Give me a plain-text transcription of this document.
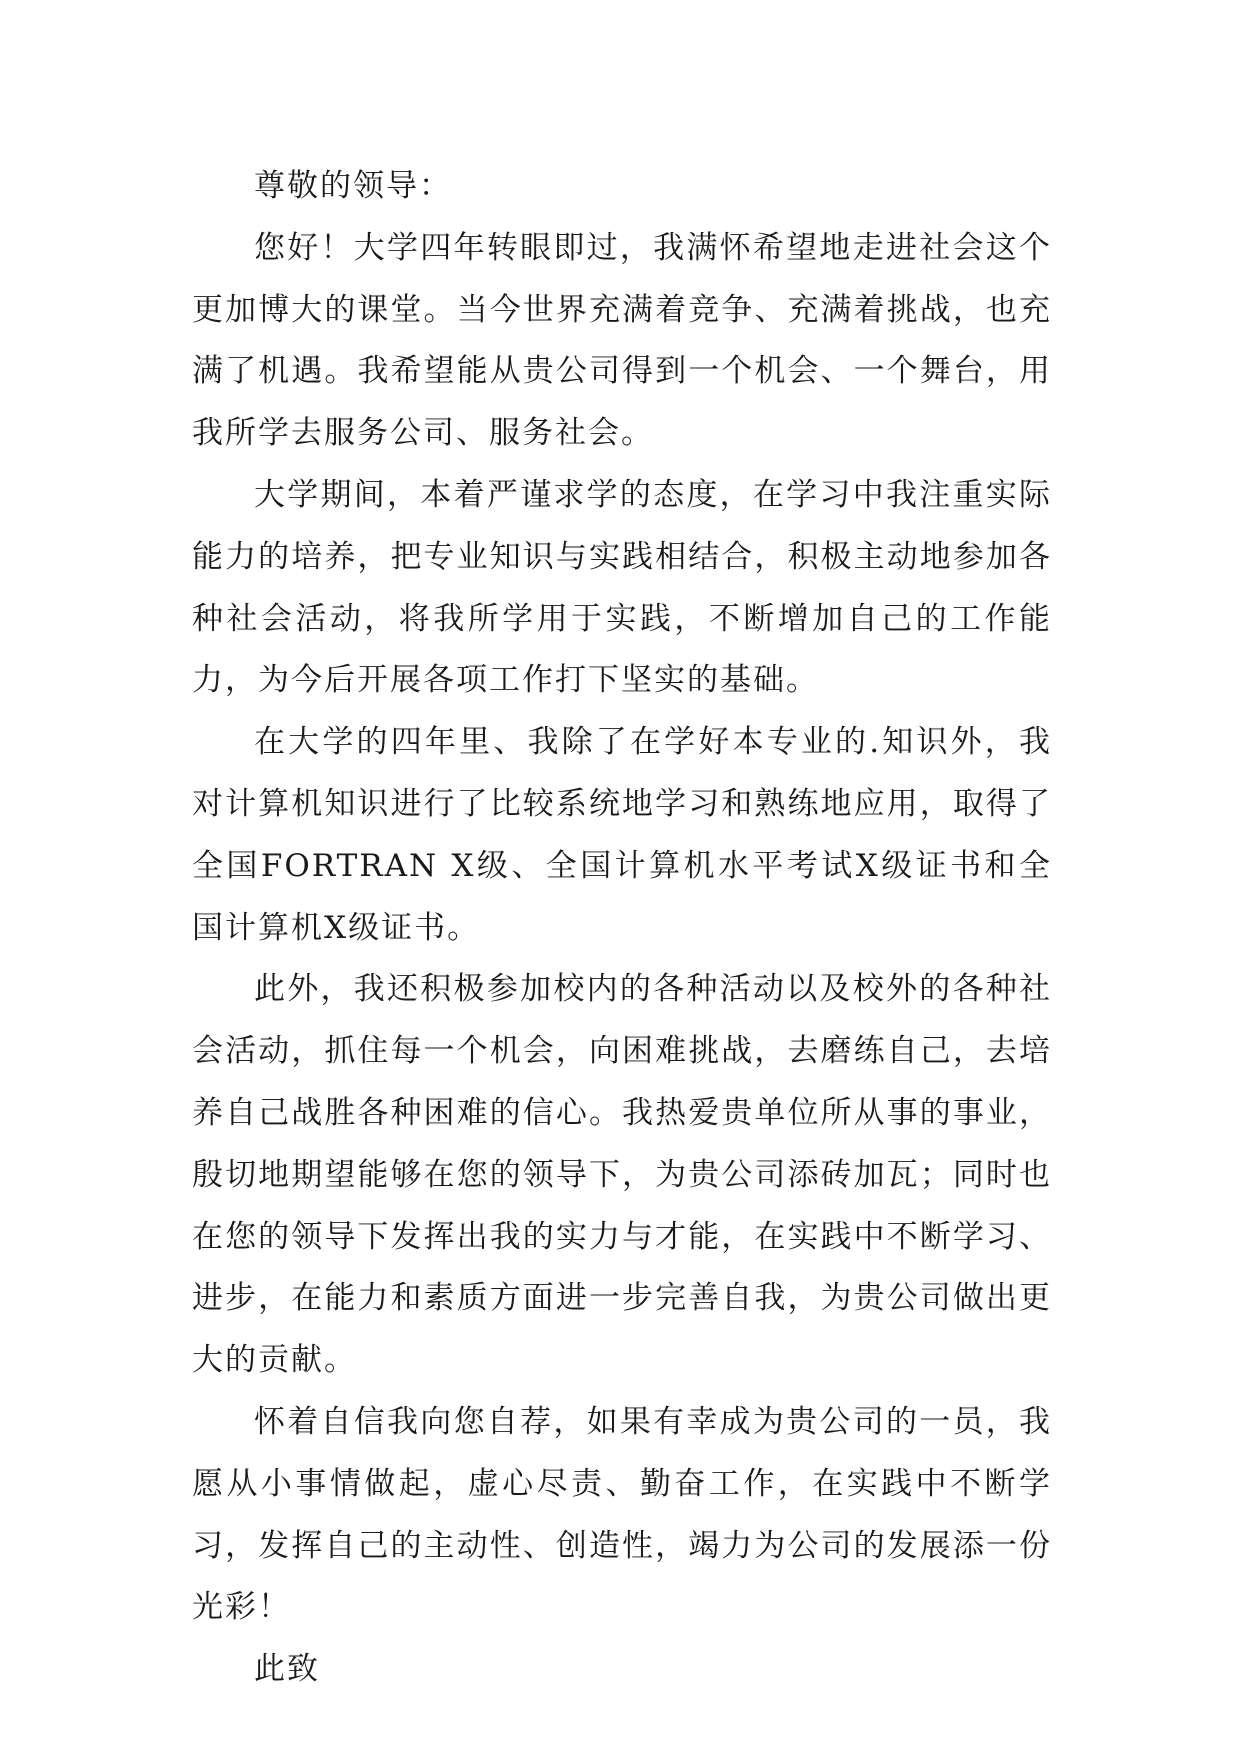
尊敬的领导：

您好！大学四年转眼即过，我满怀希望地走进社会这个更加博大的课堂。当今世界充满着竞争、充满着挑战，也充满了机遇。我希望能从贵公司得到一个机会、一个舞台，用我所学去服务公司、服务社会。

大学期间，本着严谨求学的态度，在学习中我注重实际能力的培养，把专业知识与实践相结合，积极主动地参加各种社会活动，将我所学用于实践，不断增加自己的工作能力，为今后开展各项工作打下坚实的基础。

在大学的四年里、我除了在学好本专业的.知识外，我对计算机知识进行了比较系统地学习和熟练地应用，取得了全国FORTRAN X级、全国计算机水平考试X级证书和全国计算机X级证书。

此外，我还积极参加校内的各种活动以及校外的各种社会活动，抓住每一个机会，向困难挑战，去磨练自己，去培养自己战胜各种困难的信心。我热爱贵单位所从事的事业，殷切地期望能够在您的领导下，为贵公司添砖加瓦；同时也在您的领导下发挥出我的实力与才能，在实践中不断学习、进步，在能力和素质方面进一步完善自我，为贵公司做出更大的贡献。

怀着自信我向您自荐，如果有幸成为贵公司的一员，我愿从小事情做起，虚心尽责、勤奋工作，在实践中不断学习，发挥自己的主动性、创造性，竭力为公司的发展添一份光彩！

此致
